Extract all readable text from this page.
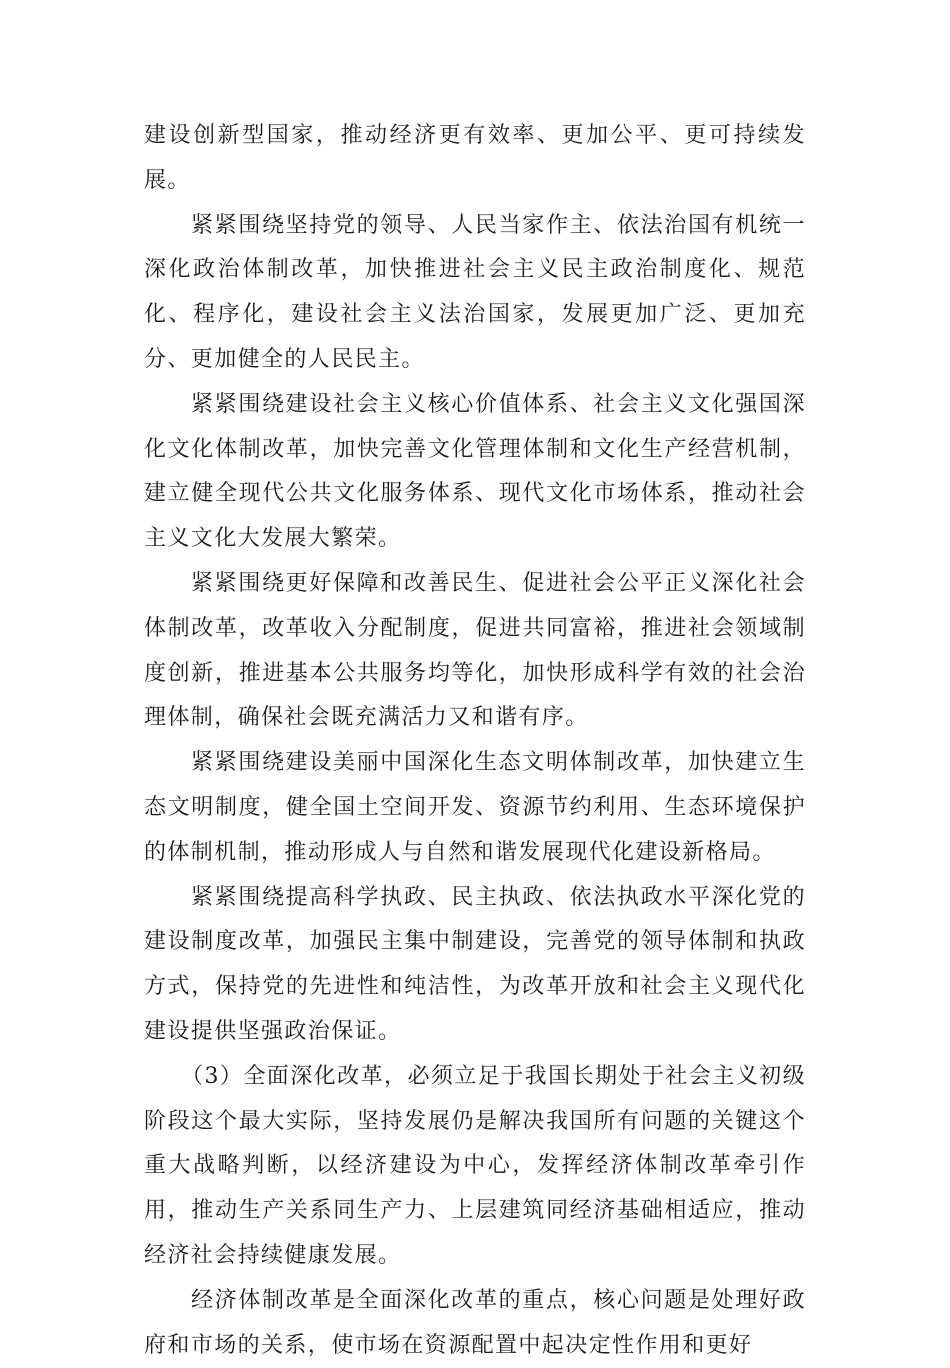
建设创新型国家，推动经济更有效率、更加公平、更可持续发展。

紧紧围绕坚持党的领导、人民当家作主、依法治国有机统一深化政治体制改革，加快推进社会主义民主政治制度化、规范化、程序化，建设社会主义法治国家，发展更加广泛、更加充分、更加健全的人民民主。

紧紧围绕建设社会主义核心价值体系、社会主义文化强国深化文化体制改革，加快完善文化管理体制和文化生产经营机制，建立健全现代公共文化服务体系、现代文化市场体系，推动社会主义文化大发展大繁荣。

紧紧围绕更好保障和改善民生、促进社会公平正义深化社会体制改革，改革收入分配制度，促进共同富裕，推进社会领域制度创新，推进基本公共服务均等化，加快形成科学有效的社会治理体制，确保社会既充满活力又和谐有序。

紧紧围绕建设美丽中国深化生态文明体制改革，加快建立生态文明制度，健全国土空间开发、资源节约利用、生态环境保护的体制机制，推动形成人与自然和谐发展现代化建设新格局。

紧紧围绕提高科学执政、民主执政、依法执政水平深化党的建设制度改革，加强民主集中制建设，完善党的领导体制和执政方式，保持党的先进性和纯洁性，为改革开放和社会主义现代化建设提供坚强政治保证。

（3）全面深化改革，必须立足于我国长期处于社会主义初级阶段这个最大实际，坚持发展仍是解决我国所有问题的关键这个重大战略判断，以经济建设为中心，发挥经济体制改革牵引作用，推动生产关系同生产力、上层建筑同经济基础相适应，推动经济社会持续健康发展。

经济体制改革是全面深化改革的重点，核心问题是处理好政府和市场的关系，使市场在资源配置中起决定性作用和更好
